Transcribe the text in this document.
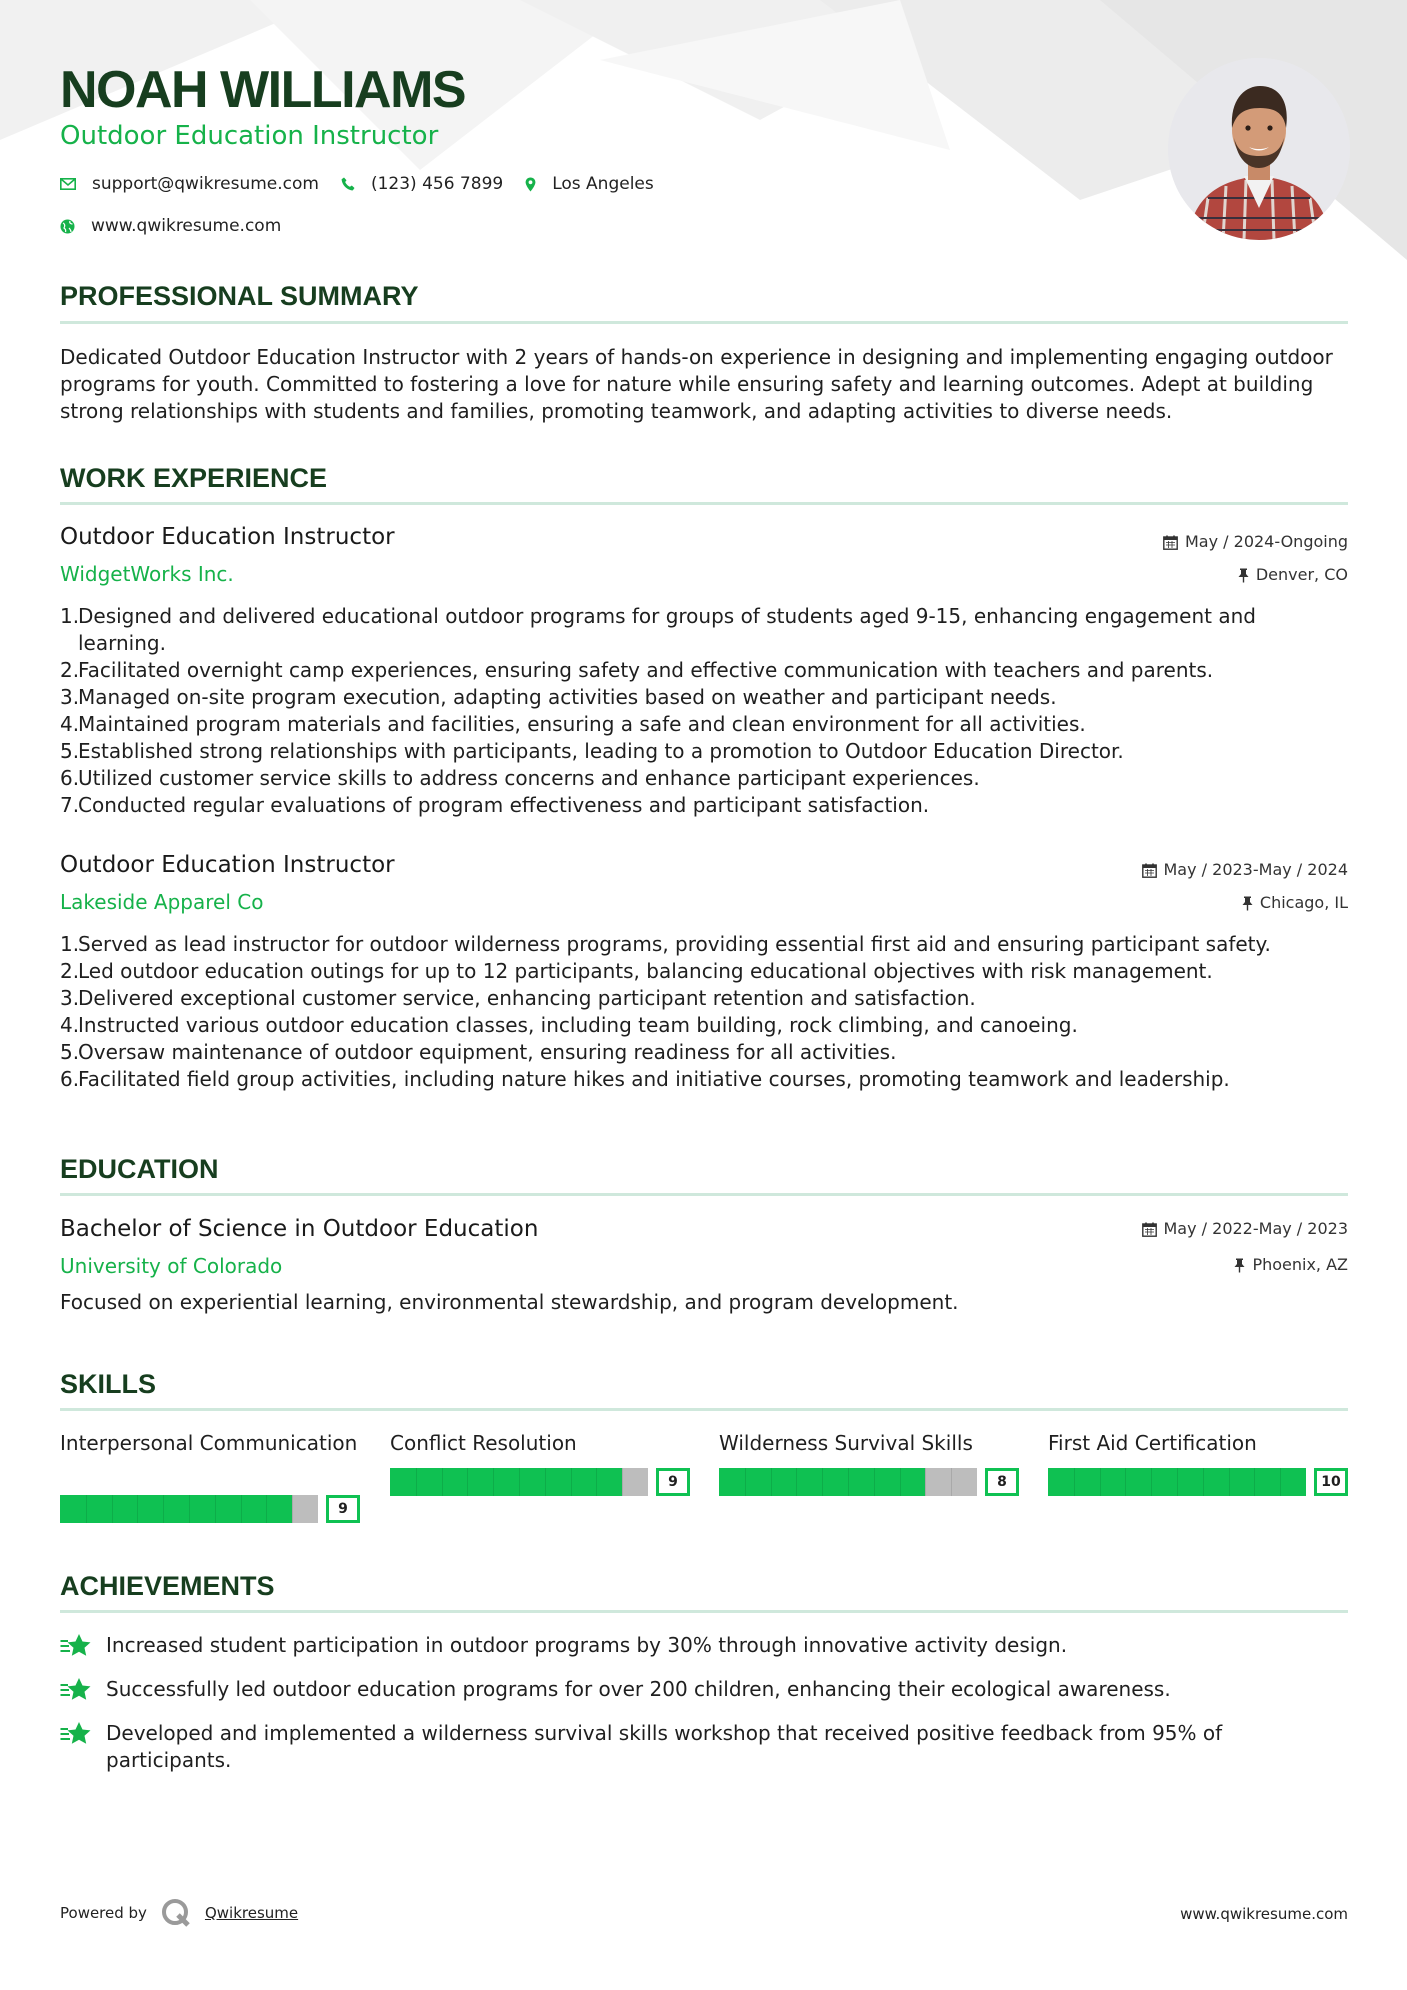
NOAH WILLIAMS
Outdoor Education Instructor
support@qwikresume.com	(123) 456 7899	Los Angeles
www.qwikresume.com
PROFESSIONAL SUMMARY
Dedicated Outdoor Education Instructor with 2 years of hands-on experience in designing and implementing engaging outdoor programs for youth. Committed to fostering a love for nature while ensuring safety and learning outcomes. Adept at building strong relationships with students and families, promoting teamwork, and adapting activities to diverse needs.
WORK EXPERIENCE
Outdoor Education Instructor	May / 2024-Ongoing
WidgetWorks Inc.	Denver, CO
1.
Designed and delivered educational outdoor programs for groups of students aged 9-15, enhancing engagement and learning.
2.
Facilitated overnight camp experiences, ensuring safety and effective communication with teachers and parents.
3.
Managed on-site program execution, adapting activities based on weather and participant needs.
4.
Maintained program materials and facilities, ensuring a safe and clean environment for all activities.
5.
Established strong relationships with participants, leading to a promotion to Outdoor Education Director.
6.
Utilized customer service skills to address concerns and enhance participant experiences.
7.
Conducted regular evaluations of program effectiveness and participant satisfaction.
Outdoor Education Instructor	May / 2023-May / 2024
Lakeside Apparel Co	Chicago, IL
1.
Served as lead instructor for outdoor wilderness programs, providing essential first aid and ensuring participant safety.
2.
Led outdoor education outings for up to 12 participants, balancing educational objectives with risk management.
3.
Delivered exceptional customer service, enhancing participant retention and satisfaction.
4.
Instructed various outdoor education classes, including team building, rock climbing, and canoeing.
5.
Oversaw maintenance of outdoor equipment, ensuring readiness for all activities.
6.
Facilitated field group activities, including nature hikes and initiative courses, promoting teamwork and leadership.
EDUCATION
Bachelor of Science in Outdoor Education	May / 2022-May / 2023
University of Colorado	Phoenix, AZ
Focused on experiential learning, environmental stewardship, and program development.
SKILLS
Interpersonal Communication
9
Conflict Resolution
9
Wilderness Survival Skills
8
First Aid Certification
10
ACHIEVEMENTS
Increased student participation in outdoor programs by 30% through innovative activity design.
Successfully led outdoor education programs for over 200 children, enhancing their ecological awareness.
Developed and implemented a wilderness survival skills workshop that received positive feedback from 95% of participants.
Powered by	Qwikresume	www.qwikresume.com
